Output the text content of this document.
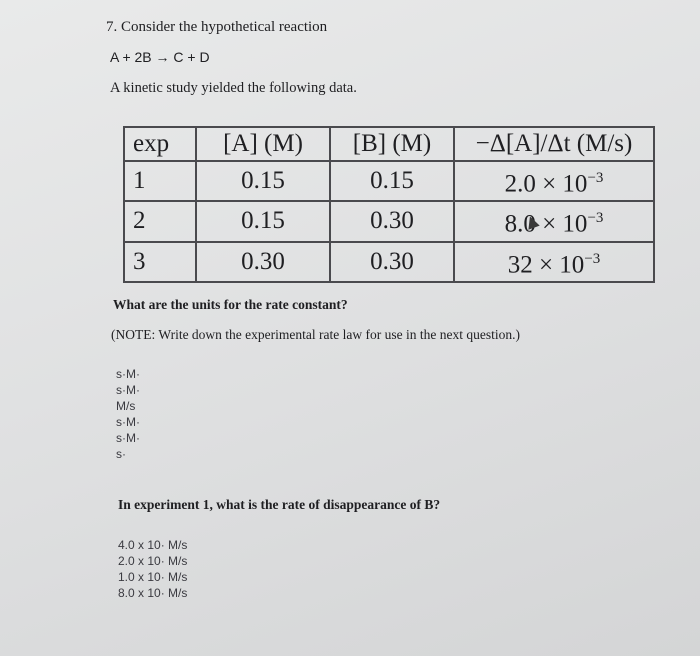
7. Consider the hypothetical reaction

A + 2B → C + D

A kinetic study yielded the following data.

exp	[A] (M)	[B] (M)	−Δ[A]/Δt (M/s)
1	0.15	0.15	$2.0 \times 10^{-3}$
2	0.15	0.30	$8.0 \times 10^{-3}$
3	0.30	0.30	$32 \times 10^{-3}$

What are the units for the rate constant?

(NOTE: Write down the experimental rate law for use in the next question.)

s·M·
s·M·
M/s
s·M·
s·M·
s·

In experiment 1, what is the rate of disappearance of B?

4.0 x 10· M/s
2.0 x 10· M/s
1.0 x 10· M/s
8.0 x 10· M/s
